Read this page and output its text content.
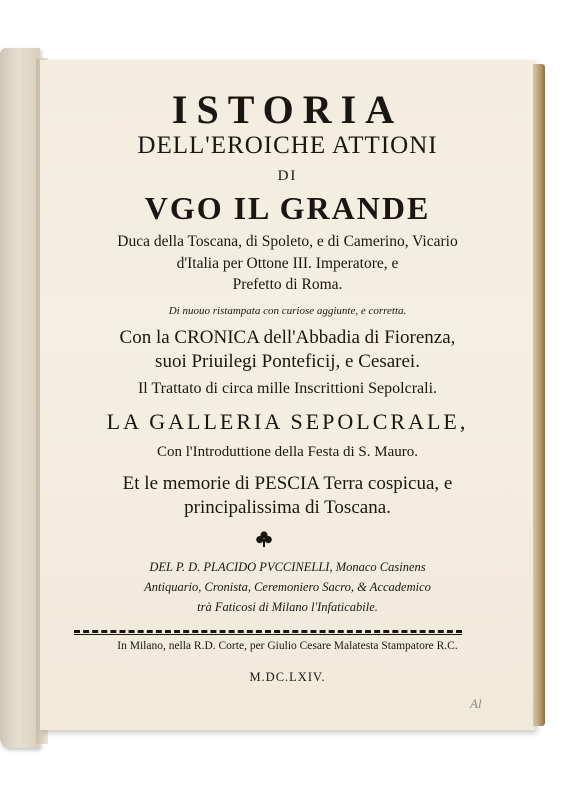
ISTORIA
DELL'EROICHE ATTIONI
DI
VGO IL GRANDE
Duca della Toscana, di Spoleto, e di Camerino, Vicario
d'Italia per Ottone III. Imperatore, e
Prefetto di Roma.
Di nuouo ristampata con curiose aggiunte, e corretta.
Con la CRONICA dell'Abbadia di Fiorenza,
suoi Priuilegi Ponteficij, e Cesarei.
Il Trattato di circa mille Inscrittioni Sepolcrali.
LA GALLERIA SEPOLCRALE,
Con l'Introduttione della Festa di S. Mauro.
Et le memorie di PESCIA Terra cospicua, e
principalissima di Toscana.
DEL P. D. PLACIDO PVCCINELLI, Monaco Casinens
Antiquario, Cronista, Ceremoniero Sacro, & Accademico
trà Faticosi di Milano l'Infaticabile.
In Milano, nella R.D. Corte, per Giulio Cesare Malatesta Stampatore R.C.
M.DC.LXIV.
Al
